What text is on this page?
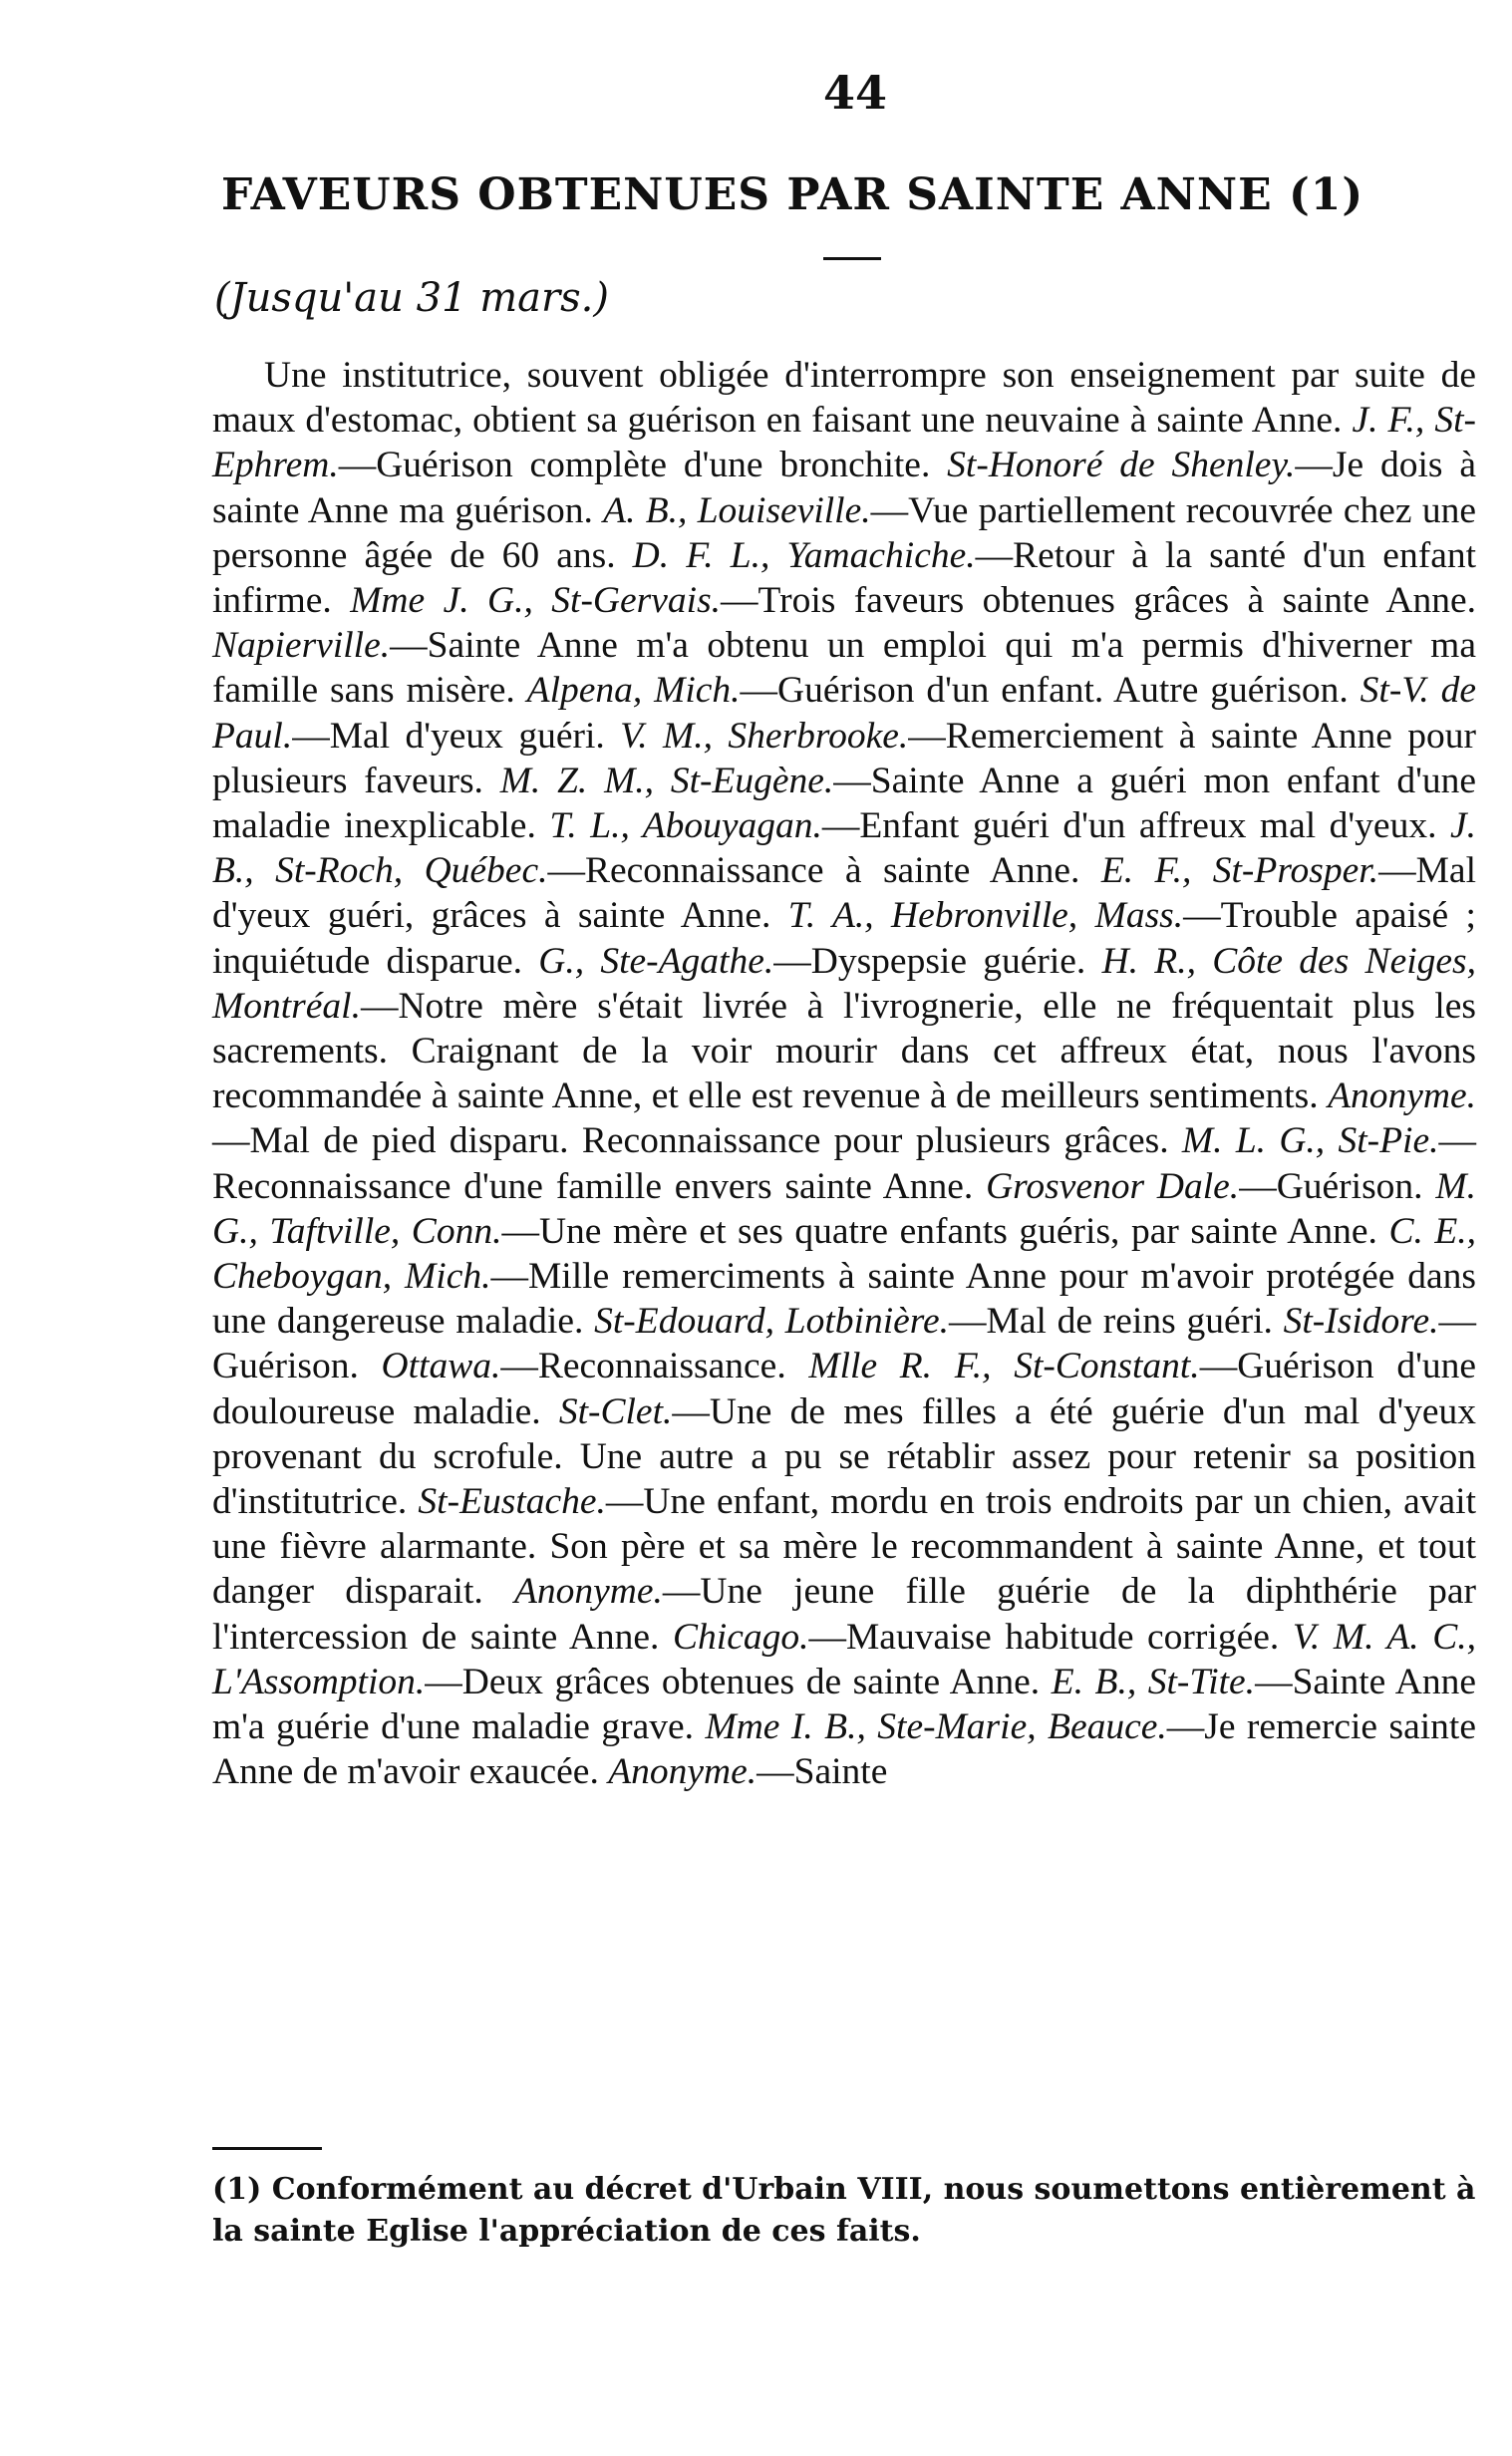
44

FAVEURS OBTENUES PAR SAINTE ANNE (1)

(Jusqu'au 31 mars.)

Une institutrice, souvent obligée d'interrompre son enseignement par suite de maux d'estomac, obtient sa guérison en faisant une neuvaine à sainte Anne. J. F., St-Ephrem.—Guérison complète d'une bronchite. St-Honoré de Shenley.—Je dois à sainte Anne ma guérison. A. B., Louiseville.—Vue partiellement recouvrée chez une personne âgée de 60 ans. D. F. L., Yamachiche.—Retour à la santé d'un enfant infirme. Mme J. G., St-Gervais.—Trois faveurs obtenues grâces à sainte Anne. Napierville.—Sainte Anne m'a obtenu un emploi qui m'a permis d'hiverner ma famille sans misère. Alpena, Mich.—Guérison d'un enfant. Autre guérison. St-V. de Paul.—Mal d'yeux guéri. V. M., Sherbrooke.—Remerciement à sainte Anne pour plusieurs faveurs. M. Z. M., St-Eugène.—Sainte Anne a guéri mon enfant d'une maladie inexplicable. T. L., Abouyagan.—Enfant guéri d'un affreux mal d'yeux. J. B., St-Roch, Québec.—Reconnaissance à sainte Anne. E. F., St-Prosper.—Mal d'yeux guéri, grâces à sainte Anne. T. A., Hebronville, Mass.—Trouble apaisé ; inquiétude disparue. G., Ste-Agathe.—Dyspepsie guérie. H. R., Côte des Neiges, Montréal.—Notre mère s'était livrée à l'ivrognerie, elle ne fréquentait plus les sacrements. Craignant de la voir mourir dans cet affreux état, nous l'avons recommandée à sainte Anne, et elle est revenue à de meilleurs sentiments. Anonyme.—Mal de pied disparu. Reconnaissance pour plusieurs grâces. M. L. G., St-Pie.—Reconnaissance d'une famille envers sainte Anne. Grosvenor Dale.—Guérison. M. G., Taftville, Conn.—Une mère et ses quatre enfants guéris, par sainte Anne. C. E., Cheboygan, Mich.—Mille remerciments à sainte Anne pour m'avoir protégée dans une dangereuse maladie. St-Edouard, Lotbinière.—Mal de reins guéri. St-Isidore.—Guérison. Ottawa.—Reconnaissance. Mlle R. F., St-Constant.—Guérison d'une douloureuse maladie. St-Clet.—Une de mes filles a été guérie d'un mal d'yeux provenant du scrofule. Une autre a pu se rétablir assez pour retenir sa position d'institutrice. St-Eustache.—Une enfant, mordu en trois endroits par un chien, avait une fièvre alarmante. Son père et sa mère le recommandent à sainte Anne, et tout danger disparait. Anonyme.—Une jeune fille guérie de la diphthérie par l'intercession de sainte Anne. Chicago.—Mauvaise habitude corrigée. V. M. A. C., L'Assomption.—Deux grâces obtenues de sainte Anne. E. B., St-Tite.—Sainte Anne m'a guérie d'une maladie grave. Mme I. B., Ste-Marie, Beauce.—Je remercie sainte Anne de m'avoir exaucée. Anonyme.—Sainte

(1) Conformément au décret d'Urbain VIII, nous soumettons entièrement à la sainte Eglise l'appréciation de ces faits.
